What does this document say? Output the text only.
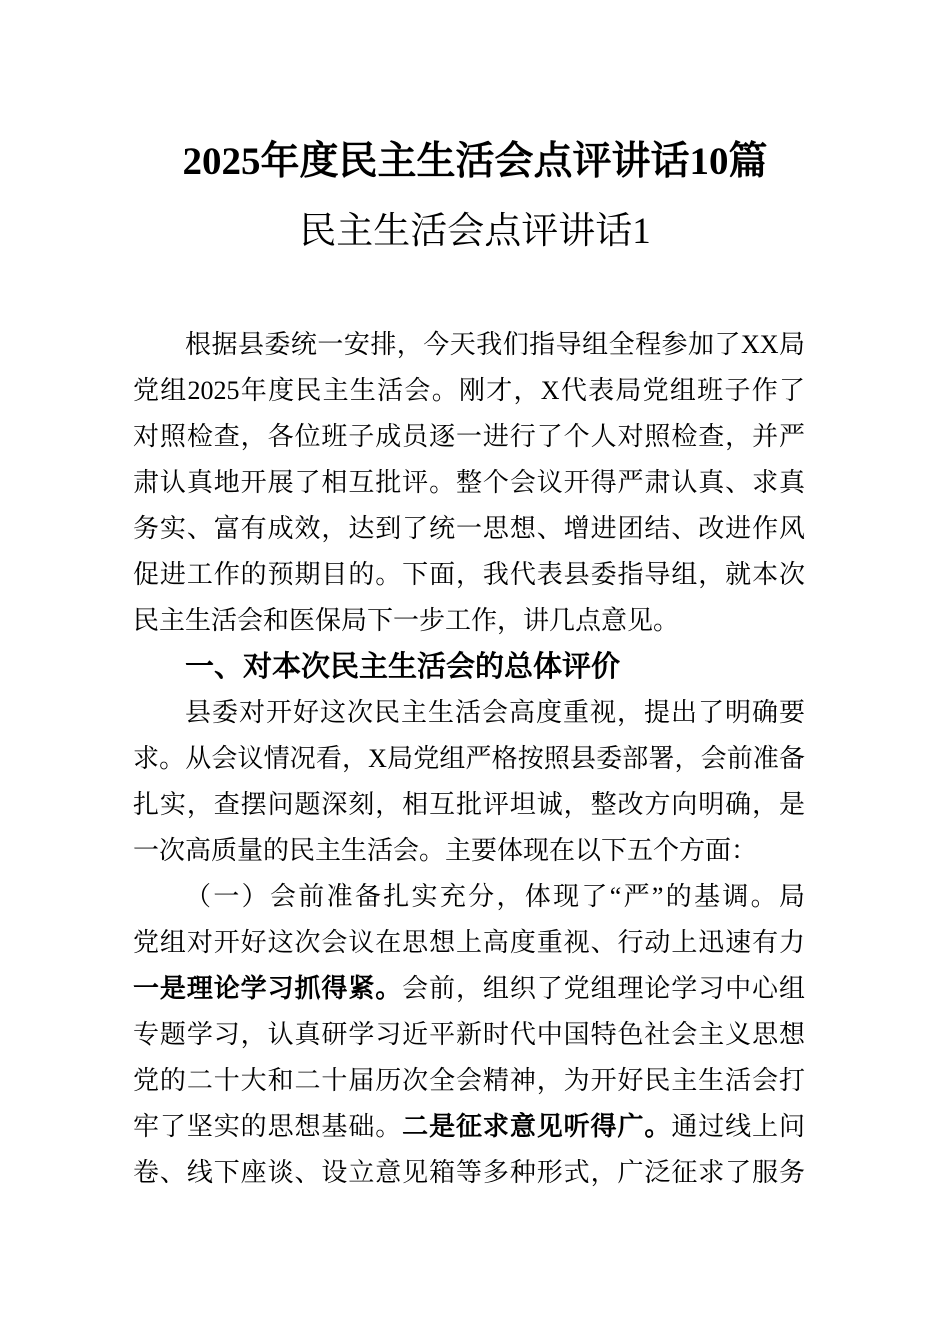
2025年度民主生活会点评讲话10篇
民主生活会点评讲话1
根据县委统一安排，今天我们指导组全程参加了XX局
党组2025年度民主生活会。刚才，X代表局党组班子作了
对照检查，各位班子成员逐一进行了个人对照检查，并严
肃认真地开展了相互批评。整个会议开得严肃认真、求真
务实、富有成效，达到了统一思想、增进团结、改进作风
促进工作的预期目的。下面，我代表县委指导组，就本次
民主生活会和医保局下一步工作，讲几点意见。
一、对本次民主生活会的总体评价
县委对开好这次民主生活会高度重视，提出了明确要
求。从会议情况看，X局党组严格按照县委部署，会前准备
扎实，查摆问题深刻，相互批评坦诚，整改方向明确，是
一次高质量的民主生活会。主要体现在以下五个方面：
（一）会前准备扎实充分，体现了“严”的基调。局
党组对开好这次会议在思想上高度重视、行动上迅速有力
一是理论学习抓得紧。会前，组织了党组理论学习中心组
专题学习，认真研学习近平新时代中国特色社会主义思想
党的二十大和二十届历次全会精神，为开好民主生活会打
牢了坚实的思想基础。二是征求意见听得广。通过线上问
卷、线下座谈、设立意见箱等多种形式，广泛征求了服务
